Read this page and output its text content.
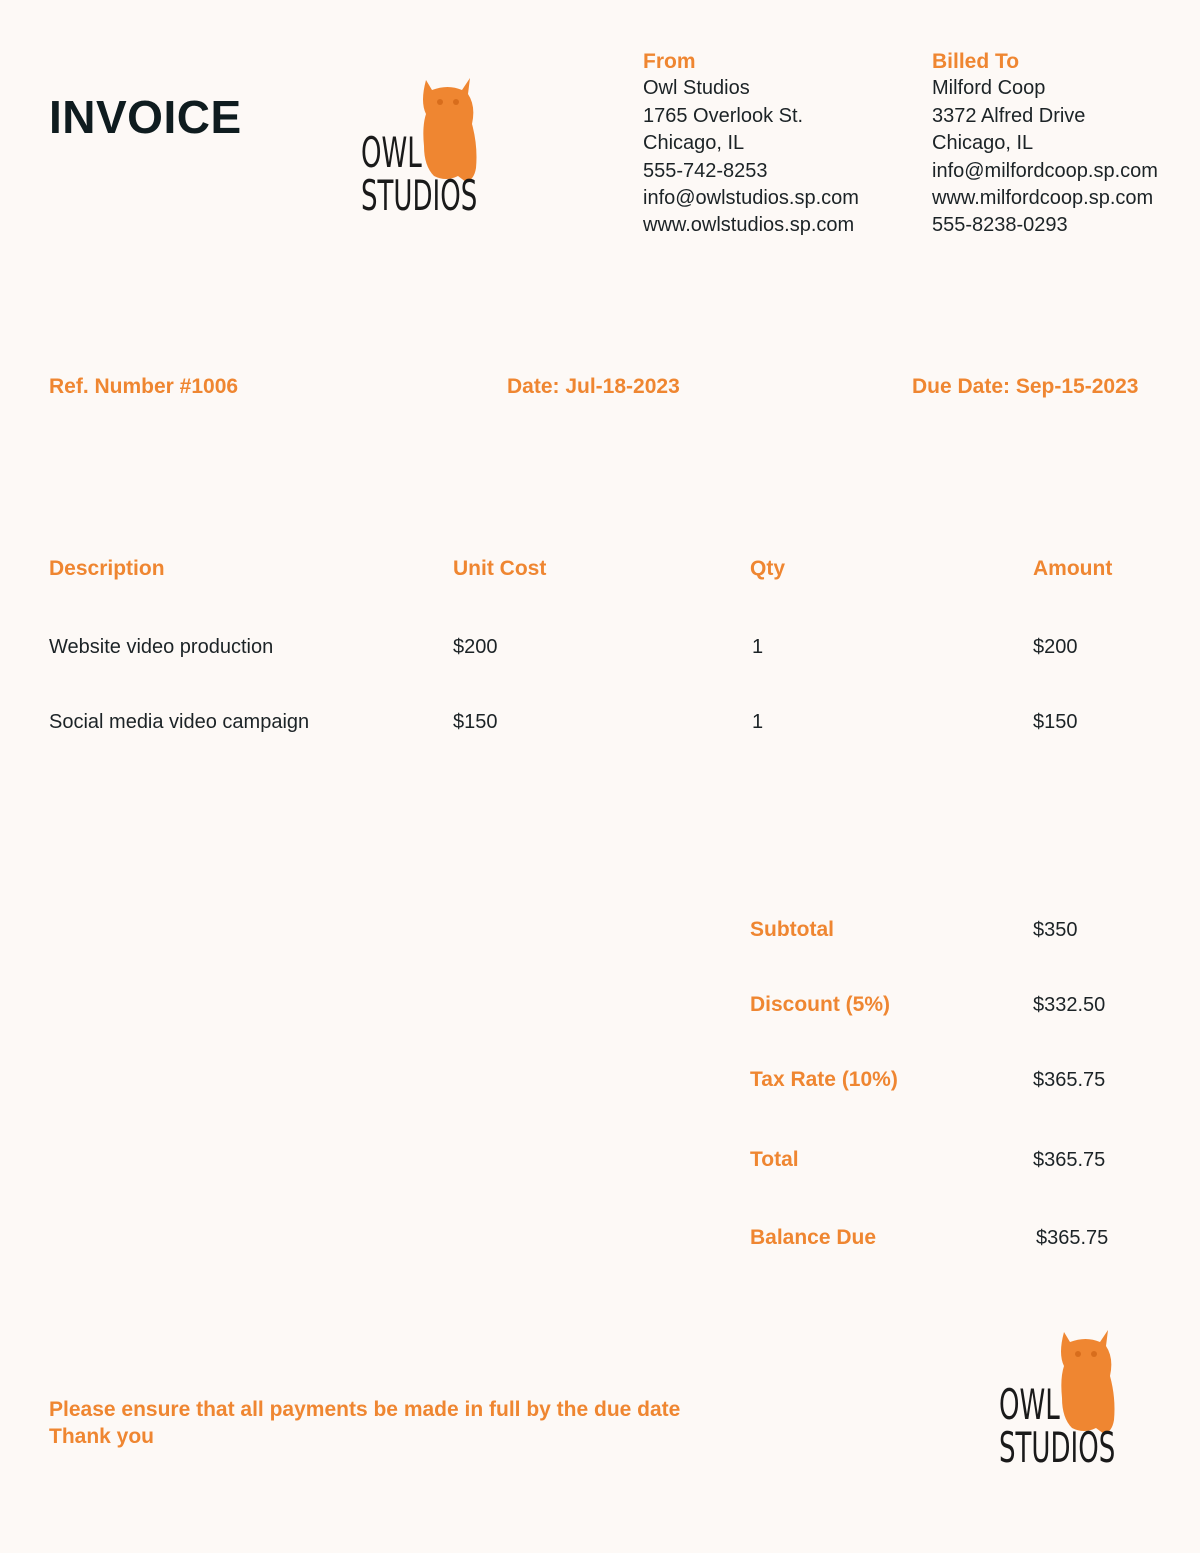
INVOICE
OWL
STUDIOS
From
Owl Studios
1765 Overlook St.
Chicago, IL
555-742-8253
info@owlstudios.sp.com
www.owlstudios.sp.com
Billed To
Milford Coop
3372 Alfred Drive
Chicago, IL
info@milfordcoop.sp.com
www.milfordcoop.sp.com
555-8238-0293
Ref. Number #1006	Date: Jul-18-2023	Due Date: Sep-15-2023
Description	Unit Cost	Qty	Amount
Website video production	$200	1	$200
Social media video campaign	$150	1	$150
Subtotal	$350
Discount (5%)	$332.50
Tax Rate (10%)	$365.75
Total	$365.75
Balance Due	$365.75
Please ensure that all payments be made in full by the due date
Thank you
OWL
STUDIOS
